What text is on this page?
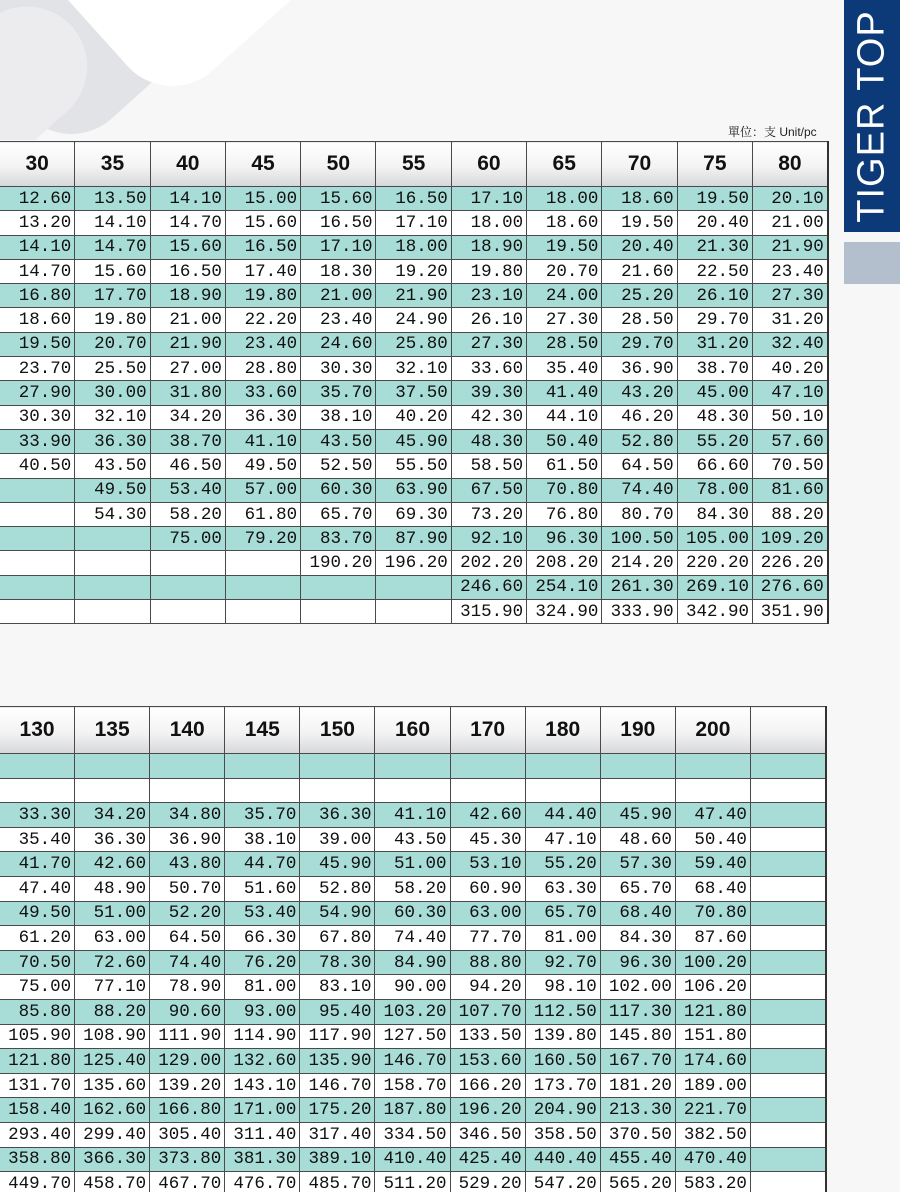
TIGER TOP
單位：支 Unit/pc
30	35	40	45	50	55	60	65	70	75	80
12.60	13.50	14.10	15.00	15.60	16.50	17.10	18.00	18.60	19.50	20.10
13.20	14.10	14.70	15.60	16.50	17.10	18.00	18.60	19.50	20.40	21.00
14.10	14.70	15.60	16.50	17.10	18.00	18.90	19.50	20.40	21.30	21.90
14.70	15.60	16.50	17.40	18.30	19.20	19.80	20.70	21.60	22.50	23.40
16.80	17.70	18.90	19.80	21.00	21.90	23.10	24.00	25.20	26.10	27.30
18.60	19.80	21.00	22.20	23.40	24.90	26.10	27.30	28.50	29.70	31.20
19.50	20.70	21.90	23.40	24.60	25.80	27.30	28.50	29.70	31.20	32.40
23.70	25.50	27.00	28.80	30.30	32.10	33.60	35.40	36.90	38.70	40.20
27.90	30.00	31.80	33.60	35.70	37.50	39.30	41.40	43.20	45.00	47.10
30.30	32.10	34.20	36.30	38.10	40.20	42.30	44.10	46.20	48.30	50.10
33.90	36.30	38.70	41.10	43.50	45.90	48.30	50.40	52.80	55.20	57.60
40.50	43.50	46.50	49.50	52.50	55.50	58.50	61.50	64.50	66.60	70.50
	49.50	53.40	57.00	60.30	63.90	67.50	70.80	74.40	78.00	81.60
	54.30	58.20	61.80	65.70	69.30	73.20	76.80	80.70	84.30	88.20
		75.00	79.20	83.70	87.90	92.10	96.30	100.50	105.00	109.20
				190.20	196.20	202.20	208.20	214.20	220.20	226.20
						246.60	254.10	261.30	269.10	276.60
						315.90	324.90	333.90	342.90	351.90
130	135	140	145	150	160	170	180	190	200	

33.30	34.20	34.80	35.70	36.30	41.10	42.60	44.40	45.90	47.40	
35.40	36.30	36.90	38.10	39.00	43.50	45.30	47.10	48.60	50.40	
41.70	42.60	43.80	44.70	45.90	51.00	53.10	55.20	57.30	59.40	
47.40	48.90	50.70	51.60	52.80	58.20	60.90	63.30	65.70	68.40	
49.50	51.00	52.20	53.40	54.90	60.30	63.00	65.70	68.40	70.80	
61.20	63.00	64.50	66.30	67.80	74.40	77.70	81.00	84.30	87.60	
70.50	72.60	74.40	76.20	78.30	84.90	88.80	92.70	96.30	100.20	
75.00	77.10	78.90	81.00	83.10	90.00	94.20	98.10	102.00	106.20	
85.80	88.20	90.60	93.00	95.40	103.20	107.70	112.50	117.30	121.80	
105.90	108.90	111.90	114.90	117.90	127.50	133.50	139.80	145.80	151.80	
121.80	125.40	129.00	132.60	135.90	146.70	153.60	160.50	167.70	174.60	
131.70	135.60	139.20	143.10	146.70	158.70	166.20	173.70	181.20	189.00	
158.40	162.60	166.80	171.00	175.20	187.80	196.20	204.90	213.30	221.70	
293.40	299.40	305.40	311.40	317.40	334.50	346.50	358.50	370.50	382.50	
358.80	366.30	373.80	381.30	389.10	410.40	425.40	440.40	455.40	470.40	
449.70	458.70	467.70	476.70	485.70	511.20	529.20	547.20	565.20	583.20	
